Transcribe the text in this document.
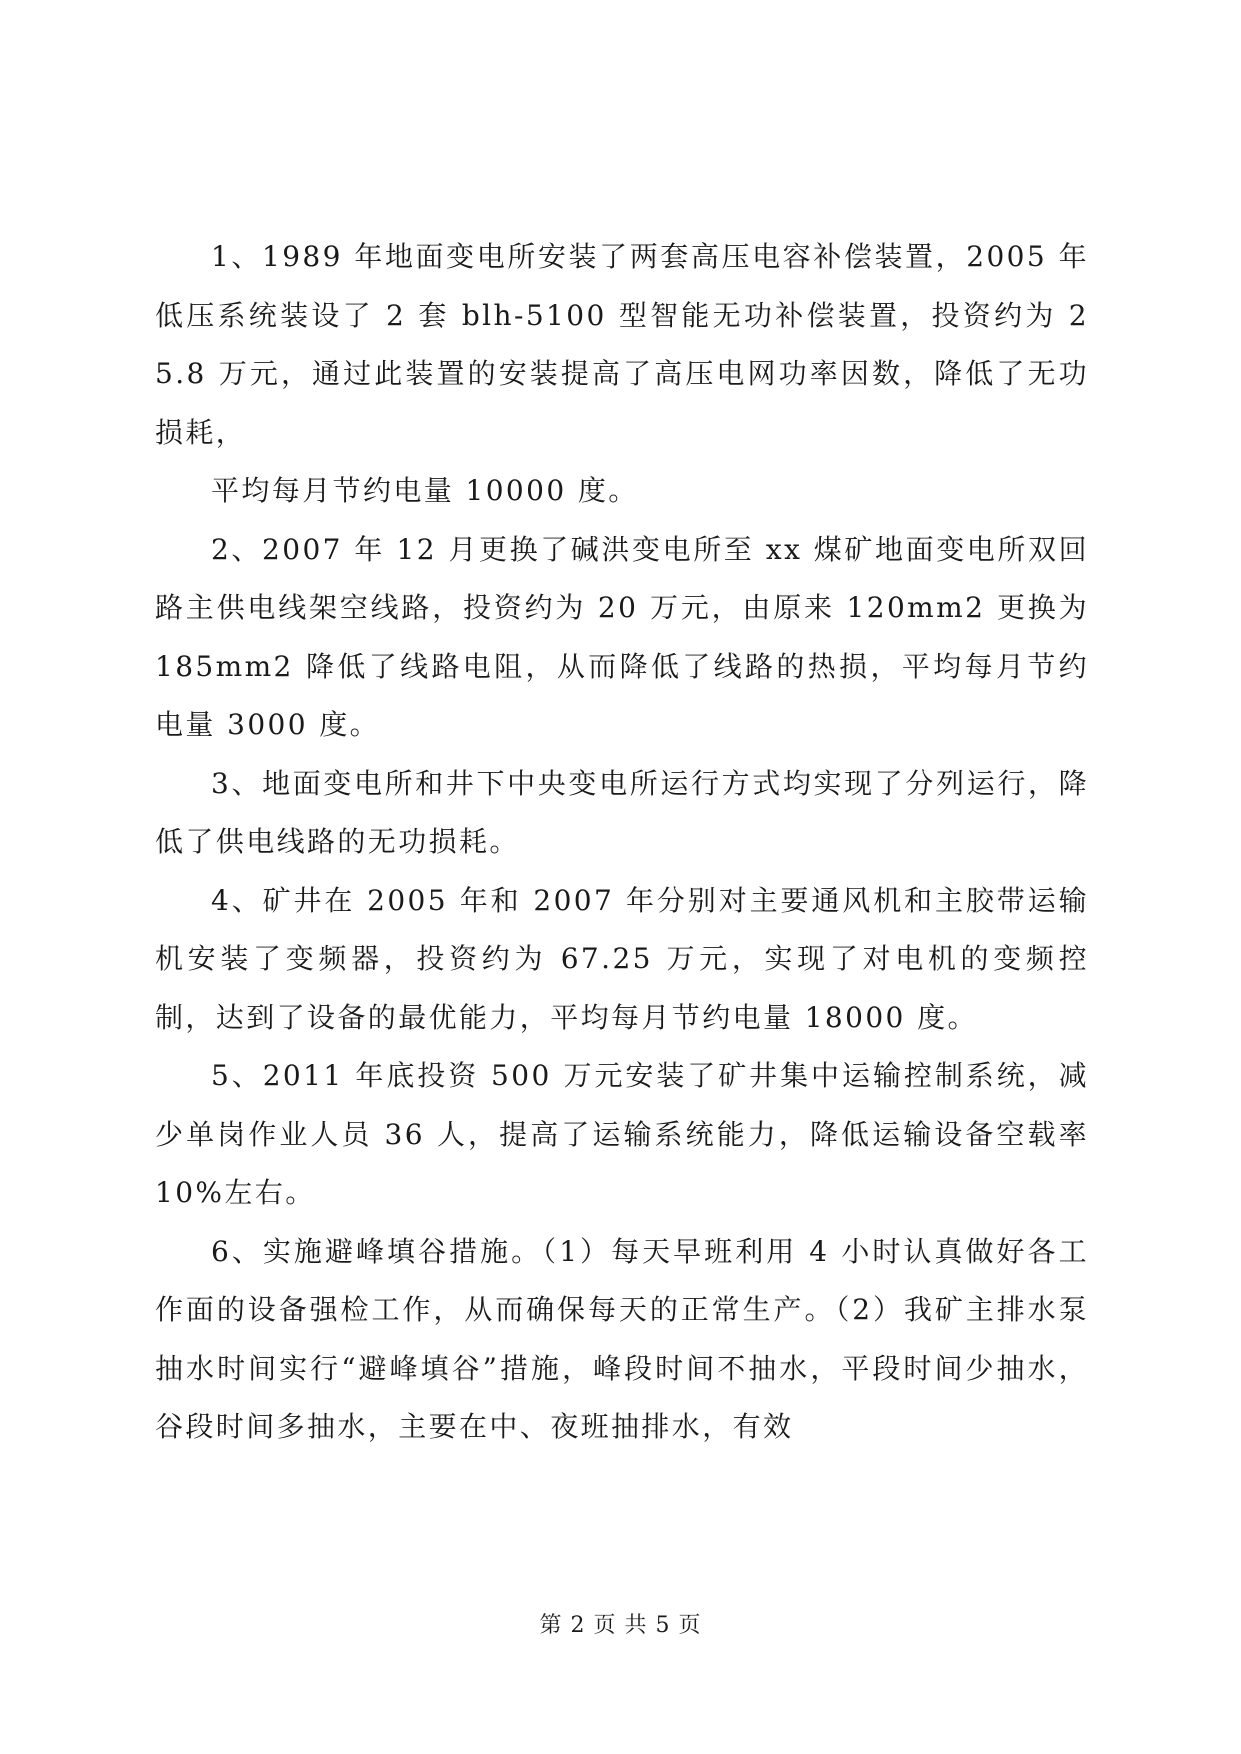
1、1989 年地面变电所安装了两套高压电容补偿装置，2005 年低压系统装设了 2 套 blh-5100 型智能无功补偿装置，投资约为 25.8 万元，通过此装置的安装提高了高压电网功率因数，降低了无功损耗，

平均每月节约电量 10000 度。

2、2007 年 12 月更换了碱洪变电所至 xx 煤矿地面变电所双回路主供电线架空线路，投资约为 20 万元，由原来 120mm2 更换为 185mm2 降低了线路电阻，从而降低了线路的热损，平均每月节约电量 3000 度。

3、地面变电所和井下中央变电所运行方式均实现了分列运行，降低了供电线路的无功损耗。

4、矿井在 2005 年和 2007 年分别对主要通风机和主胶带运输机安装了变频器，投资约为 67.25 万元，实现了对电机的变频控制，达到了设备的最优能力，平均每月节约电量 18000 度。

5、2011 年底投资 500 万元安装了矿井集中运输控制系统，减少单岗作业人员 36 人，提高了运输系统能力，降低运输设备空载率 10%左右。

6、实施避峰填谷措施。（1）每天早班利用 4 小时认真做好各工作面的设备强检工作，从而确保每天的正常生产。（2）我矿主排水泵抽水时间实行“避峰填谷”措施，峰段时间不抽水，平段时间少抽水，谷段时间多抽水，主要在中、夜班抽排水，有效

第 2 页 共 5 页
